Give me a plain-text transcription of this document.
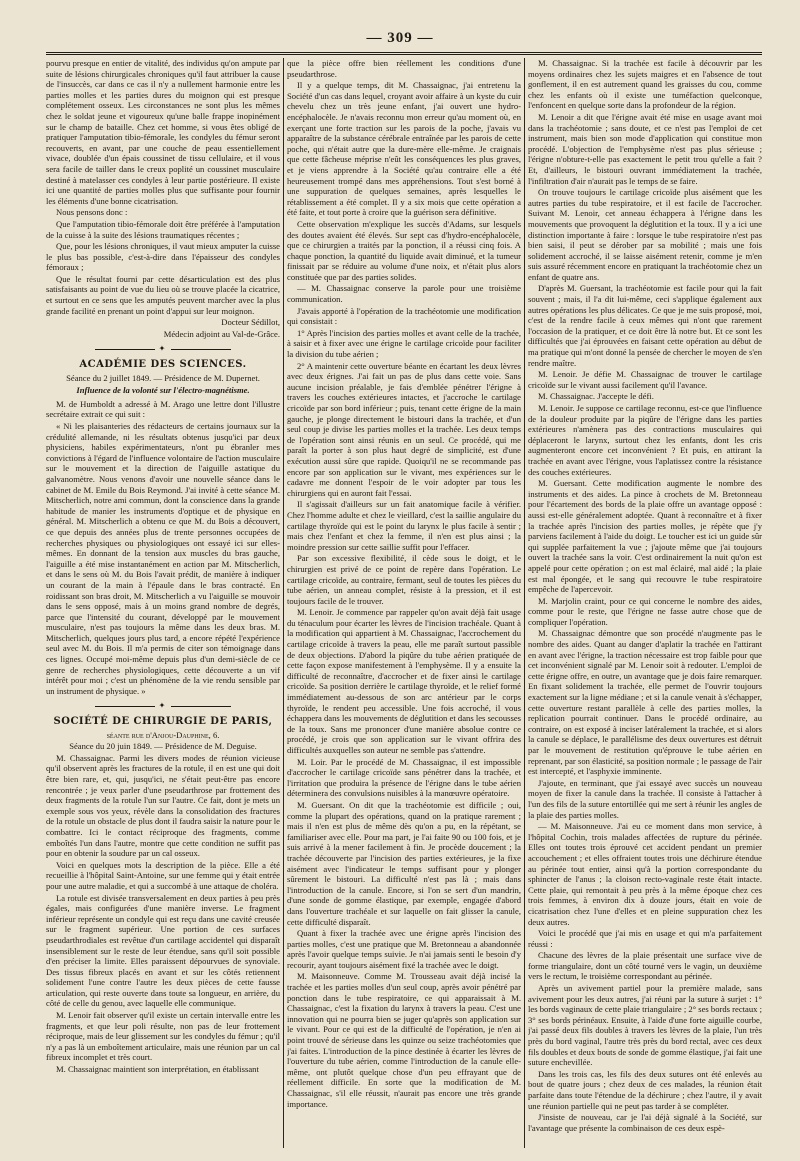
— 309 —

pourvu presque en entier de vitalité, des individus qu'on ampute par suite de lésions chirurgicales chroniques qu'il faut attribuer la cause de l'insuccès, car dans ce cas il n'y a nullement harmonie entre les parties molles et les parties dures du moignon qui est presque complétement osseux. Les circonstances ne sont plus les mêmes chez le soldat jeune et vigoureux qu'une balle frappe inopinément sur le champ de bataille. Chez cet homme, si vous êtes obligé de pratiquer l'amputation tibio-fémorale, les condyles du fémur seront recouverts, en avant, par une couche de peau essentiellement vivace, doublée d'un épais coussinet de tissu cellulaire, et il vous sera facile de tailler dans le creux poplité un coussinet musculaire destiné à matelasser ces condyles à leur partie postérieure. Il existe ici une quantité de parties molles plus que suffisante pour fournir les éléments d'une bonne cicatrisation.

Nous pensons donc :

Que l'amputation tibio-fémorale doit être préférée à l'amputation de la cuisse à la suite des lésions traumatiques récentes ;

Que, pour les lésions chroniques, il vaut mieux amputer la cuisse le plus bas possible, c'est-à-dire dans l'épaisseur des condyles fémoraux ;

Que le résultat fourni par cette désarticulation est des plus satisfaisants au point de vue du lieu où se trouve placée la cicatrice, et surtout en ce sens que les amputés peuvent marcher avec la plus grande facilité en prenant un point d'appui sur leur moignon.

Docteur Sédillot,

Médecin adjoint au Val-de-Grâce.

✦
ACADÉMIE DES SCIENCES.

Séance du 2 juillet 1849. — Présidence de M. Dupernet.

Influence de la volonté sur l'électro-magnétisme.

M. de Humboldt a adressé à M. Arago une lettre dont l'illustre secrétaire extrait ce qui suit :

« Ni les plaisanteries des rédacteurs de certains journaux sur la crédulité allemande, ni les résultats obtenus jusqu'ici par deux physiciens, habiles expérimentateurs, n'ont pu ébranler mes convictions à l'égard de l'influence volontaire de l'action musculaire sur le mouvement et la direction de l'aiguille astatique du galvanomètre. Nous venons d'avoir une nouvelle séance dans le cabinet de M. Emile du Bois Reymond. J'ai invité à cette séance M. Mitscherlich, notre ami commun, dont la conscience dans la grande habitude de manier les instruments d'optique et de physique en général. M. Mitscherlich a obtenu ce que M. du Bois a découvert, ce que depuis des années plus de trente personnes occupées de recherches physiques ou physiologiques ont essayé ici sur elles-mêmes. En donnant de la tension aux muscles du bras gauche, l'aiguille a été mise instantanément en action par M. Mitscherlich, et dans le sens où M. du Bois l'avait prédit, de manière à indiquer un courant de la main à l'épaule dans le bras contracté. En roidissant son bras droit, M. Mitscherlich a vu l'aiguille se mouvoir dans le sens opposé, mais à un moins grand nombre de degrés, parce que l'intensité du courant, développé par le mouvement musculaire, n'est pas toujours la même dans les deux bras. M. Mitscherlich, quelques jours plus tard, a encore répété l'expérience seul avec M. du Bois. Il m'a permis de citer son témoignage dans ces lignes. Occupé moi-même depuis plus d'un demi-siècle de ce genre de recherches physiologiques, cette découverte a un vif intérêt pour moi ; c'est un phénomène de la vie rendu sensible par un instrument de physique. »

✦
SOCIÉTÉ DE CHIRURGIE DE PARIS,

séante rue d'Anjou-Dauphine, 6.

Séance du 20 juin 1849. — Présidence de M. Deguise.

M. Chassaignac. Parmi les divers modes de réunion vicieuse qu'il observent après les fractures de la rotule, il en est une qui doit être bien rare, et, qui, jusqu'ici, ne s'était peut-être pas encore rencontrée ; je veux parler d'une pseudarthrose par frottement des deux fragments de la rotule l'un sur l'autre. Ce fait, dont je mets un exemple sous vos yeux, révèle dans la consolidation des fractures de la rotule un obstacle de plus dont il faudra saisir la nature pour le combattre. Ici le contact réciproque des fragments, comme emboîtés l'un dans l'autre, montre que cette condition ne suffit pas pour en obtenir la soudure par un cal osseux.

Voici en quelques mots la description de la pièce. Elle a été recueillie à l'hôpital Saint-Antoine, sur une femme qui y était entrée pour une autre maladie, et qui a succombé à une attaque de choléra.

La rotule est divisée transversalement en deux parties à peu près égales, mais configurées d'une manière inverse. Le fragment inférieur représente un condyle qui est reçu dans une cavité creusée sur le fragment supérieur. Une portion de ces surfaces pseudarthrodiales est revêtue d'un cartilage accidentel qui disparaît insensiblement sur le reste de leur étendue, sans qu'il soit possible d'en préciser la limite. Elles paraissent dépourvues de synoviale. Des tissus fibreux placés en avant et sur les côtés retiennent solidement l'une contre l'autre les deux pièces de cette fausse articulation, qui reste ouverte dans toute sa longueur, en arrière, du côté de celle du genou, avec laquelle elle communique.

M. Lenoir fait observer qu'il existe un certain intervalle entre les fragments, et que leur poli résulte, non pas de leur frottement réciproque, mais de leur glissement sur les condyles du fémur ; qu'il n'y a pas là un emboîtement articulaire, mais une réunion par un cal fibreux incomplet et très court.

M. Chassaignac maintient son interprétation, en établissant

que la pièce offre bien réellement les conditions d'une pseudarthrose.

Il y a quelque temps, dit M. Chassaignac, j'ai entretenu la Société d'un cas dans lequel, croyant avoir affaire à un kyste du cuir chevelu chez un très jeune enfant, j'ai ouvert une hydro-encéphalocèle. Je n'avais reconnu mon erreur qu'au moment où, en exerçant une forte traction sur les parois de la poche, j'avais vu apparaître de la substance cérébrale entraînée par les parois de cette poche, qui n'était autre que la dure-mère elle-même. Je craignais que cette fâcheuse méprise n'eût les conséquences les plus graves, et je viens apprendre à la Société qu'au contraire elle a été heureusement trompé dans mes appréhensions. Tout s'est borné à une suppuration de quelques semaines, après lesquelles le rétablissement a été complet. Il y a six mois que cette opération a été faite, et tout porte à croire que la guérison sera définitive.

Cette observation m'explique les succès d'Adams, sur lesquels des doutes avaient été élevés. Sur sept cas d'hydro-encéphalocèle, que ce chirurgien a traités par la ponction, il a réussi cinq fois. A chaque ponction, la quantité du liquide avait diminué, et la tumeur finissait par se réduire au volume d'une noix, et n'était plus alors constituée que par des parties solides.

— M. Chassaignac conserve la parole pour une troisième communication.

J'avais apporté à l'opération de la trachéotomie une modification qui consistait :

1° Après l'incision des parties molles et avant celle de la trachée, à saisir et à fixer avec une érigne le cartilage cricoïde pour faciliter la division du tube aérien ;

2° A maintenir cette ouverture béante en écartant les deux lèvres avec deux érignes. J'ai fait un pas de plus dans cette voie. Sans aucune incision préalable, je fais d'emblée pénétrer l'érigne à travers les couches extérieures intactes, et j'accroche le cartilage cricoïde par son bord inférieur ; puis, tenant cette érigne de la main gauche, je plonge directement le bistouri dans la trachée, et d'un seul coup je divise les parties molles et la trachée. Les deux temps de l'opération sont ainsi réunis en un seul. Ce procédé, qui me paraît la porter à son plus haut degré de simplicité, est d'une exécution aussi sûre que rapide. Quoiqu'il ne se recommande pas encore par son application sur le vivant, mes expériences sur le cadavre me donnent l'espoir de le voir adopter par tous les chirurgiens qui en auront fait l'essai.

Il s'agissait d'ailleurs sur un fait anatomique facile à vérifier. Chez l'homme adulte et chez le vieillard, c'est la saillie angulaire du cartilage thyroïde qui est le point du larynx le plus facile à sentir ; mais chez l'enfant et chez la femme, il n'en est plus ainsi ; la moindre pression sur cette saillie suffit pour l'effacer.

Par son excessive flexibilité, il cède sous le doigt, et le chirurgien est privé de ce point de repère dans l'opération. Le cartilage cricoïde, au contraire, fermant, seul de toutes les pièces du tube aérien, un anneau complet, résiste à la pression, et il est toujours facile de le trouver.

M. Lenoir. Je commence par rappeler qu'on avait déjà fait usage du ténaculum pour écarter les lèvres de l'incision trachéale. Quant à la modification qui appartient à M. Chassaignac, l'accrochement du cartilage cricoïde à travers la peau, elle me paraît surtout passible de deux objections. D'abord la piqûre du tube aérien pratiquée de cette façon expose manifestement à l'emphysème. Il y a ensuite la difficulté de reconnaître, d'accrocher et de fixer ainsi le cartilage cricoïde. Sa position derrière le cartilage thyroïde, et le relief formé immédiatement au-dessous de son arc antérieur par le corps thyroïde, le rendent peu accessible. Une fois accroché, il vous échappera dans les mouvements de déglutition et dans les secousses de la toux. Sans me prononcer d'une manière absolue contre ce procédé, je crois que son application sur le vivant offrira des difficultés auxquelles son auteur ne semble pas s'attendre.

M. Loir. Par le procédé de M. Chassaignac, il est impossible d'accrocher le cartilage cricoïde sans pénétrer dans la trachée, et l'irritation que produira la présence de l'érigne dans le tube aérien déterminera des convulsions nuisibles à la manœuvre opératoire.

M. Guersant. On dit que la trachéotomie est difficile ; oui, comme la plupart des opérations, quand on la pratique rarement ; mais il n'en est plus de même dès qu'on a pu, en la répétant, se familiariser avec elle. Pour ma part, je l'ai faite 90 ou 100 fois, et je suis arrivé à la mener facilement à fin. Je procède doucement ; la trachée découverte par l'incision des parties extérieures, je la fixe aisément avec l'indicateur le temps suffisant pour y plonger sûrement le bistouri. La difficulté n'est pas là ; mais dans l'introduction de la canule. Encore, si l'on se sert d'un mandrin, d'une sonde de gomme élastique, par exemple, engagée d'abord dans l'ouverture trachéale et sur laquelle on fait glisser la canule, cette difficulté disparaît.

Quant à fixer la trachée avec une érigne après l'incision des parties molles, c'est une pratique que M. Bretonneau a abandonnée après l'avoir quelque temps suivie. Je n'ai jamais senti le besoin d'y recourir, ayant toujours aisément fixé la trachée avec le doigt.

M. Maisonneuve. Comme M. Trousseau avait déjà incisé la trachée et les parties molles d'un seul coup, après avoir pénétré par ponction dans le tube respiratoire, ce qui apparaissait à M. Chassaignac, c'est la fixation du larynx à travers la peau. C'est une innovation qui ne pourra bien se juger qu'après son application sur le vivant. Pour ce qui est de la difficulté de l'opération, je n'en ai point trouvé de sérieuse dans les quinze ou seize trachéotomies que j'ai faites. L'introduction de la pince destinée à écarter les lèvres de l'ouverture du tube aérien, comme l'introduction de la canule elle-même, ont plutôt quelque chose d'un peu effrayant que de réellement difficile. En sorte que la modification de M. Chassaignac, s'il elle réussit, n'aurait pas encore une très grande importance.

M. Chassaignac. Si la trachée est facile à découvrir par les moyens ordinaires chez les sujets maigres et en l'absence de tout gonflement, il en est autrement quand les graisses du cou, comme chez les enfants où il existe une tuméfaction quelconque, l'enfoncent en quelque sorte dans la profondeur de la région.

M. Lenoir a dit que l'érigne avait été mise en usage avant moi dans la trachéotomie ; sans doute, et ce n'est pas l'emploi de cet instrument, mais bien son mode d'application qui constitue mon procédé. L'objection de l'emphysème n'est pas plus sérieuse ; l'érigne n'obture-t-elle pas exactement le petit trou qu'elle a fait ? Et, d'ailleurs, le bistouri ouvrant immédiatement la trachée, l'infiltration d'air n'aurait pas le temps de se faire.

On trouve toujours le cartilage cricoïde plus aisément que les autres parties du tube respiratoire, et il est facile de l'accrocher. Suivant M. Lenoir, cet anneau échappera à l'érigne dans les mouvements que provoquent la déglutition et la toux. Il y a ici une distinction importante à faire : lorsque le tube respiratoire n'est pas bien saisi, il peut se dérober par sa mobilité ; mais une fois solidement accroché, il se laisse aisément retenir, comme je m'en suis assuré récemment encore en pratiquant la trachéotomie chez un enfant de quatre ans.

D'après M. Guersant, la trachéotomie est facile pour qui la fait souvent ; mais, il l'a dit lui-même, ceci s'applique également aux autres opérations les plus délicates. Ce que je me suis proposé, moi, c'est de la rendre facile à ceux mêmes qui n'ont que rarement l'occasion de la pratiquer, et ce doit être là notre but. Et ce sont les difficultés que j'ai éprouvées en faisant cette opération au début de ma pratique qui m'ont donné la pensée de chercher le moyen de s'en rendre maître.

M. Lenoir. Je défie M. Chassaignac de trouver le cartilage cricoïde sur le vivant aussi facilement qu'il l'avance.

M. Chassaignac. J'accepte le défi.

M. Lenoir. Je suppose ce cartilage reconnu, est-ce que l'influence de la douleur produite par la piqûre de l'érigne dans les parties extérieures n'amènera pas des contractions musculaires qui déplaceront le larynx, surtout chez les enfants, dont les cris augmenteront encore cet inconvénient ? Et puis, en attirant la trachée en avant avec l'érigne, vous l'aplatissez contre la résistance des couches extérieures.

M. Guersant. Cette modification augmente le nombre des instruments et des aides. La pince à crochets de M. Bretonneau pour l'écartement des bords de la plaie offre un avantage opposé : aussi est-elle généralement adoptée. Quant à reconnaître et à fixer la trachée après l'incision des parties molles, je répète que j'y parviens facilement à l'aide du doigt. Le toucher est ici un guide sûr qui supplée parfaitement la vue ; j'ajoute même que j'ai toujours ouvert la trachée sans la voir. C'est ordinairement la nuit qu'on est appelé pour cette opération ; on est mal éclairé, mal aidé ; la plaie est mal épongée, et le sang qui recouvre le tube respiratoire empêche de l'apercevoir.

M. Marjolin craint, pour ce qui concerne le nombre des aides, comme pour le reste, que l'érigne ne fasse autre chose que de compliquer l'opération.

M. Chassaignac démontre que son procédé n'augmente pas le nombre des aides. Quant au danger d'aplatir la trachée en l'attirant en avant avec l'érigne, la traction nécessaire est trop faible pour que cet inconvénient signalé par M. Lenoir soit à redouter. L'emploi de cette érigne offre, en outre, un avantage que je dois faire remarquer. En fixant solidement la trachée, elle permet de l'ouvrir toujours exactement sur la ligne médiane ; et si la canule venait à s'échapper, cette ouverture restant parallèle à celle des parties molles, la replication pourrait continuer. Dans le procédé ordinaire, au contraire, on est exposé à inciser latéralement la trachée, et si alors la canule se déplace, le parallélisme des deux ouvertures est détruit par le mouvement de restitution qu'éprouve le tube aérien en reprenant, par son élasticité, sa position normale ; le passage de l'air est intercepté, et l'asphyxie imminente.

J'ajoute, en terminant, que j'ai essayé avec succès un nouveau moyen de fixer la canule dans la trachée. Il consiste à l'attacher à l'un des fils de la suture entortillée qui me sert à réunir les angles de la plaie des parties molles.

— M. Maisonneuve. J'ai eu ce moment dans mon service, à l'hôpital Cochin, trois malades affectées de rupture du périnée. Elles ont toutes trois éprouvé cet accident pendant un premier accouchement ; et elles offraient toutes trois une déchirure étendue au périnée tout entier, ainsi qu'à la portion correspondante du sphincter de l'anus ; la cloison recto-vaginale reste était intacte. Cette plaie, qui remontait à peu près à la même époque chez ces trois femmes, à environ dix à douze jours, était en voie de cicatrisation chez l'une d'elles et en pleine suppuration chez les deux autres.

Voici le procédé que j'ai mis en usage et qui m'a parfaitement réussi :

Chacune des lèvres de la plaie présentait une surface vive de forme triangulaire, dont un côté tourné vers le vagin, un deuxième vers le rectum, le troisième correspondant au périnée.

Après un avivement partiel pour la première malade, sans avivement pour les deux autres, j'ai réuni par la suture à surjet : 1° les bords vaginaux de cette plaie triangulaire ; 2° ses bords rectaux ; 3° ses bords périnéaux. Ensuite, à l'aide d'une forte aiguille courbe, j'ai passé deux fils doubles à travers les lèvres de la plaie, l'un très près du bord vaginal, l'autre très près du bord rectal, avec ces deux fils doubles et deux bouts de sonde de gomme élastique, j'ai fait une suture enchevillée.

Dans les trois cas, les fils des deux sutures ont été enlevés au bout de quatre jours ; chez deux de ces malades, la réunion était parfaite dans toute l'étendue de la déchirure ; chez l'autre, il y avait une réunion partielle qui ne peut pas tarder à se compléter.

J'insiste de nouveau, car je l'ai déjà signalé à la Société, sur l'avantage que présente la combinaison de ces deux espè-
